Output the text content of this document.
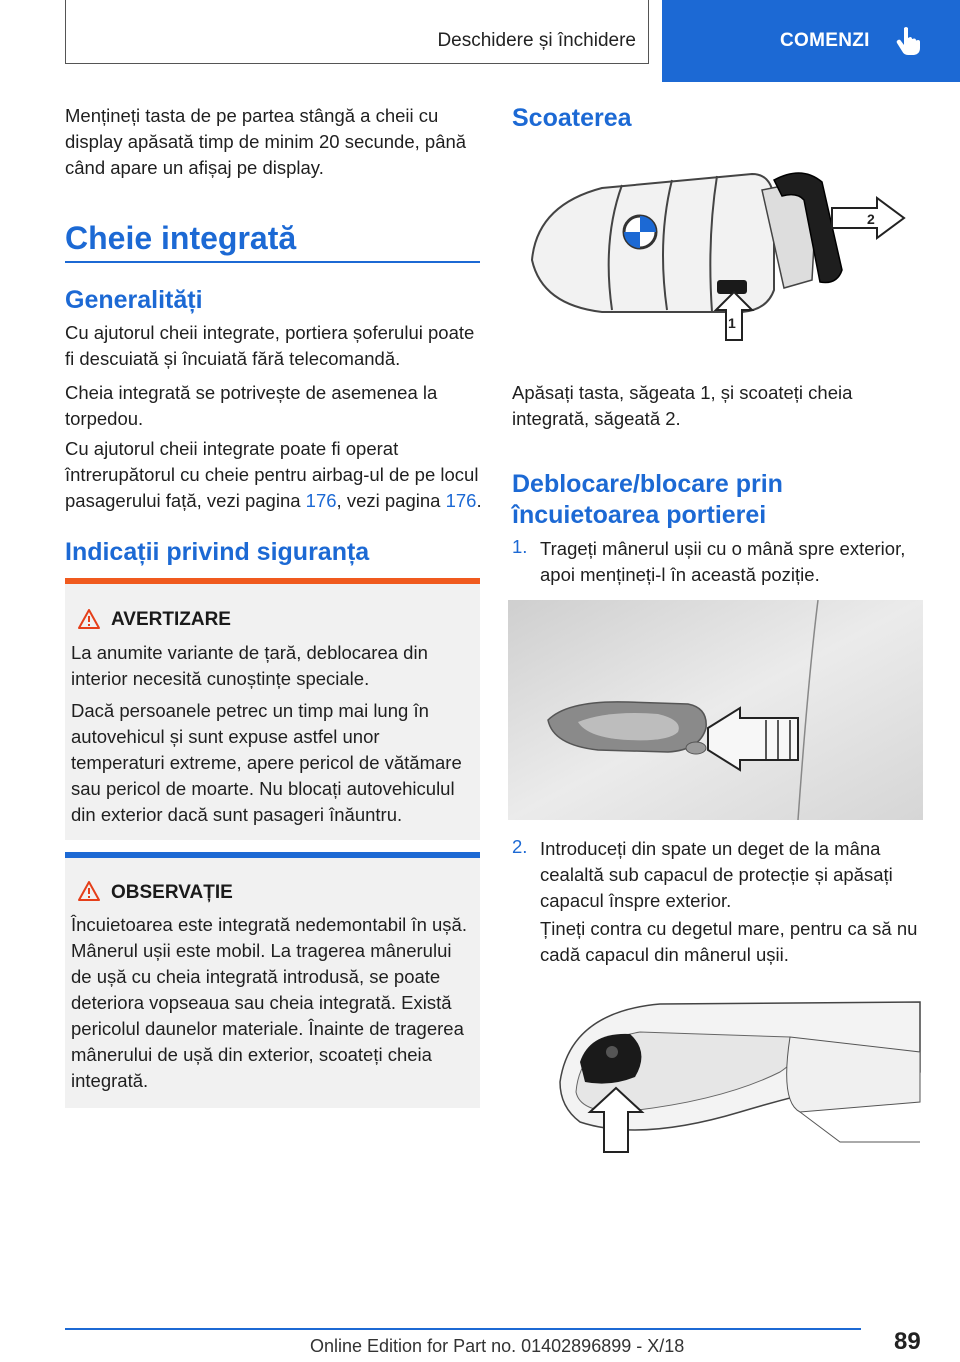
Deschidere și închidere	COMENZI
Mențineți tasta de pe partea stângă a cheii cu display apăsată timp de minim 20 secunde, până când apare un afișaj pe display.
Cheie integrată
Generalități
Cu ajutorul cheii integrate, portiera șoferului poate fi descuiată și încuiată fără telecomandă.
Cheia integrată se potrivește de asemenea la torpedou.
Cu ajutorul cheii integrate poate fi operat întrerupătorul cu cheie pentru airbag-ul de pe locul pasagerului față, vezi pagina 176, vezi pagina 176.
Indicații privind siguranța
AVERTIZARE

La anumite variante de țară, deblocarea din interior necesită cunoștințe speciale.

Dacă persoanele petrec un timp mai lung în autovehicul și sunt expuse astfel unor temperaturi extreme, apere pericol de vătămare sau pericol de moarte. Nu blocați autovehiculul din exterior dacă sunt pasageri înăuntru.

OBSERVAȚIE
Încuietoarea este integrată nedemontabil în ușă. Mânerul ușii este mobil. La tragerea mânerului de ușă cu cheia integrată introdusă, se poate deteriora vopseaua sau cheia integrată. Există pericolul daunelor materiale. Înainte de tragerea mânerului de ușă din exterior, scoateți cheia integrată.
Scoaterea
1
2
Apăsați tasta, săgeata 1, și scoateți cheia integrată, săgeată 2.
Deblocare/blocare prin încuietoarea portierei
1. Trageți mânerul ușii cu o mână spre exterior, apoi mențineți-l în această poziție.
2. Introduceți din spate un deget de la mâna cealaltă sub capacul de protecție și apăsați capacul înspre exterior.
Țineți contra cu degetul mare, pentru ca să nu cadă capacul din mânerul ușii.
89
Online Edition for Part no. 01402896899 - X/18
